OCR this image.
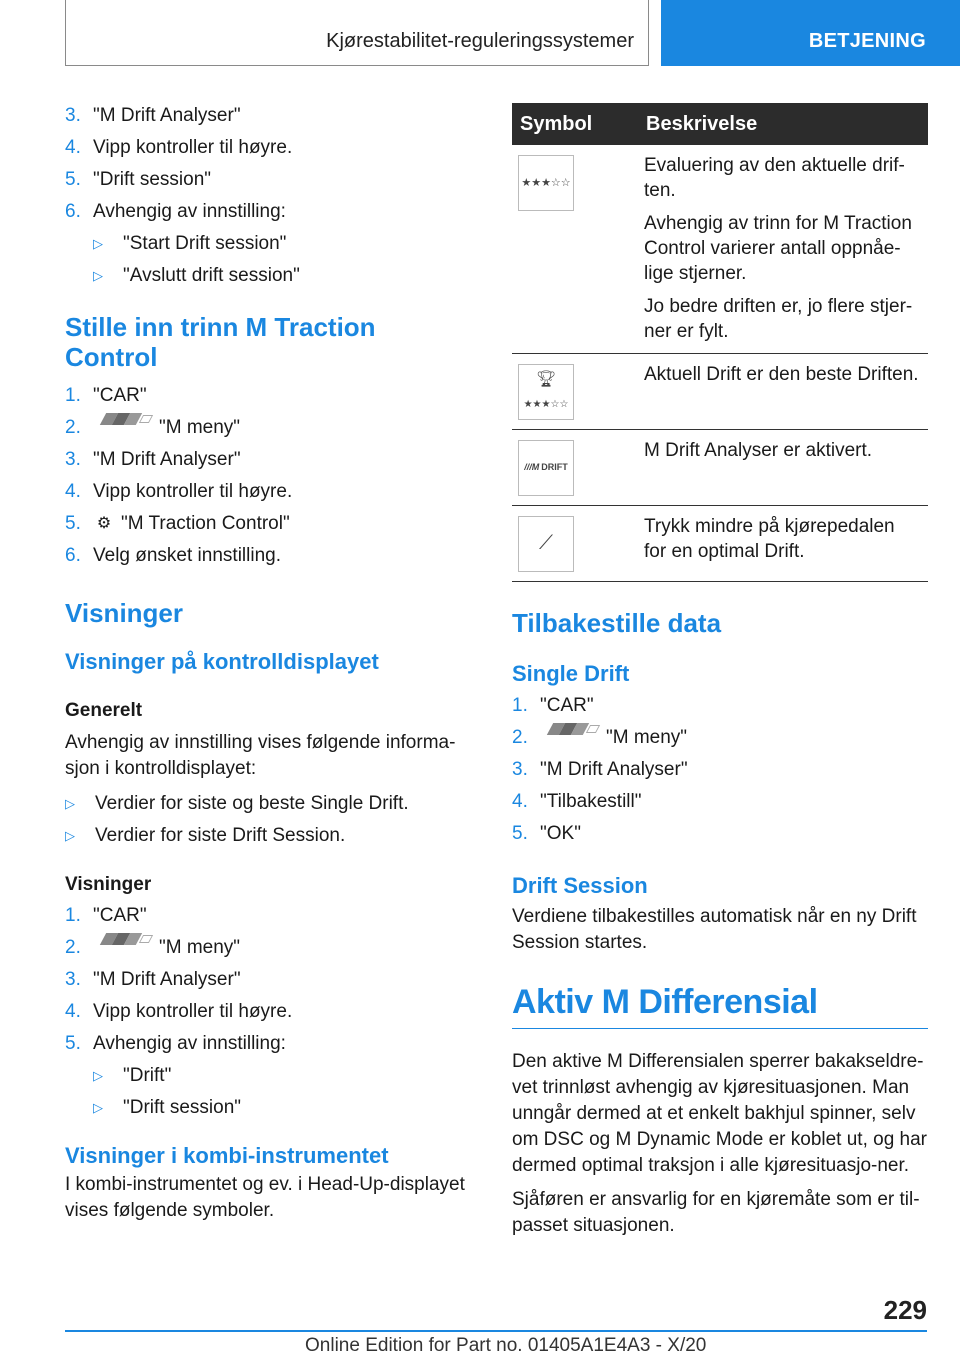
Kjørestabilitet-reguleringssystemer	BETJENING
3. "M Drift Analyser"
4. Vipp kontroller til høyre.
5. "Drift session"
6. Avhengig av innstilling:
▷	"Start Drift session"
▷	"Avslutt drift session"
Stille inn trinn M Traction Control
1. "CAR"
2.	"M meny"
3. "M Drift Analyser"
4. Vipp kontroller til høyre.
5. ⚙ "M Traction Control"
6. Velg ønsket innstilling.
Visninger
Visninger på kontrolldisplayet
Generelt
Avhengig av innstilling vises følgende informa-sjon i kontrolldisplayet:
▷	Verdier for siste og beste Single Drift.
▷	Verdier for siste Drift Session.
Visninger
1. "CAR"
2.	"M meny"
3. "M Drift Analyser"
4. Vipp kontroller til høyre.
5. Avhengig av innstilling:
▷	"Drift"
▷	"Drift session"
Visninger i kombi-instrumentet
I kombi-instrumentet og ev. i Head-Up-displayet vises følgende symboler.
Symbol	Beskrivelse

★★★☆☆	Evaluering av den aktuelle drif-ten.

Avhengig av trinn for M Traction Control varierer antall oppnåe-lige stjerner.

Jo bedre driften er, jo flere stjer-ner er fylt.

🏆︎
★★★☆☆	Aktuell Drift er den beste Driften.

///M DRIFT	M Drift Analyser er aktivert.

⟋	Trykk mindre på kjørepedalen for en optimal Drift.

Tilbakestille data
Single Drift
1. "CAR"
2.	"M meny"
3. "M Drift Analyser"
4. "Tilbakestill"
5. "OK"
Drift Session
Verdiene tilbakestilles automatisk når en ny Drift Session startes.
Aktiv M Differensial
Den aktive M Differensialen sperrer bakakseldre-vet trinnløst avhengig av kjøresituasjonen. Man unngår dermed at et enkelt bakhjul spinner, selv om DSC og M Dynamic Mode er koblet ut, og har dermed optimal traksjon i alle kjøresituasjo-ner.
Sjåføren er ansvarlig for en kjøremåte som er til-passet situasjonen.
229
Online Edition for Part no. 01405A1E4A3 - X/20
